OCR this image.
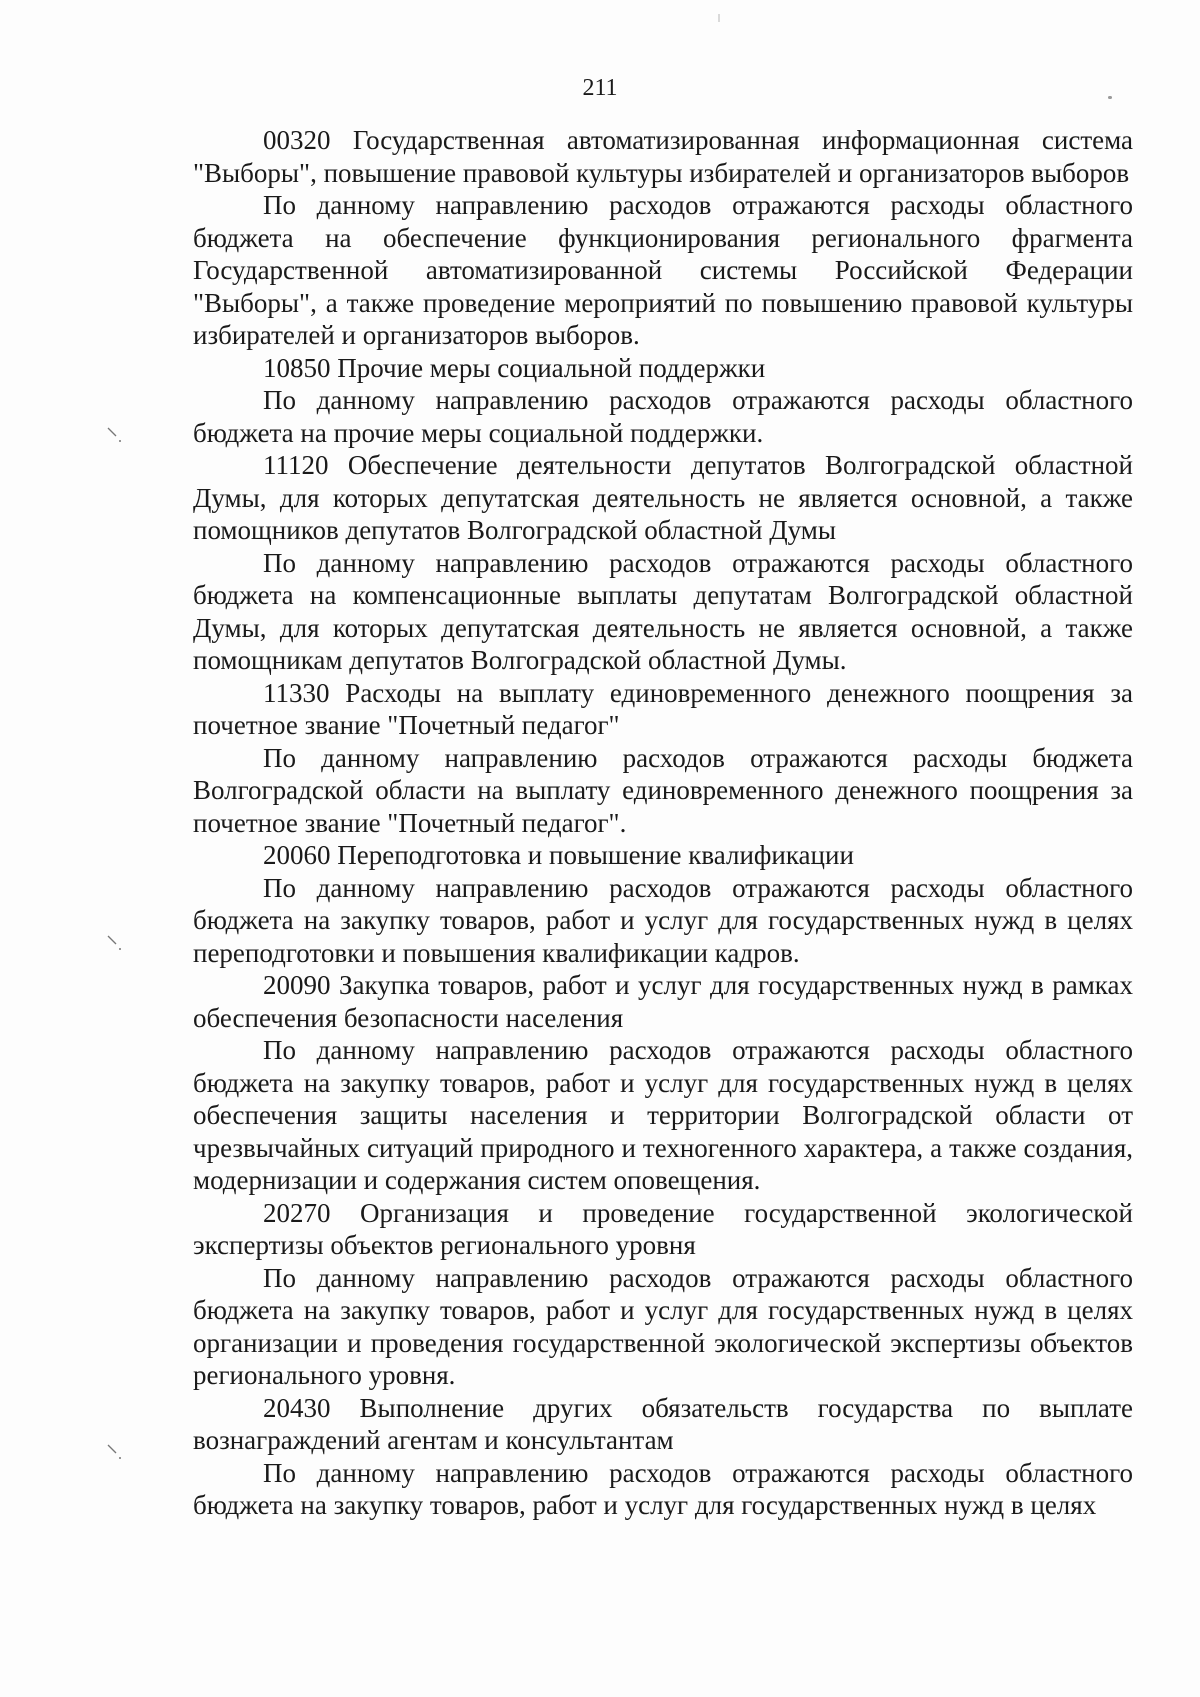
211

00320 Государственная автоматизированная информационная система "Выборы", повышение правовой культуры избирателей и организаторов выборов

По данному направлению расходов отражаются расходы областного бюджета на обеспечение функционирования регионального фрагмента Государственной автоматизированной системы Российской Федерации "Выборы", а также проведение мероприятий по повышению правовой культуры избирателей и организаторов выборов.

10850 Прочие меры социальной поддержки

По данному направлению расходов отражаются расходы областного бюджета на прочие меры социальной поддержки.

11120 Обеспечение деятельности депутатов Волгоградской областной Думы, для которых депутатская деятельность не является основной, а также помощников депутатов Волгоградской областной Думы

По данному направлению расходов отражаются расходы областного бюджета на компенсационные выплаты депутатам Волгоградской областной Думы, для которых депутатская деятельность не является основной, а также помощникам депутатов Волгоградской областной Думы.

11330 Расходы на выплату единовременного денежного поощрения за почетное звание "Почетный педагог"

По данному направлению расходов отражаются расходы бюджета Волгоградской области на выплату единовременного денежного поощрения за почетное звание "Почетный педагог".

20060 Переподготовка и повышение квалификации

По данному направлению расходов отражаются расходы областного бюджета на закупку товаров, работ и услуг для государственных нужд в целях переподготовки и повышения квалификации кадров.

20090 Закупка товаров, работ и услуг для государственных нужд в рамках обеспечения безопасности населения

По данному направлению расходов отражаются расходы областного бюджета на закупку товаров, работ и услуг для государственных нужд в целях обеспечения защиты населения и территории Волгоградской области от чрезвычайных ситуаций природного и техногенного характера, а также создания, модернизации и содержания систем оповещения.

20270 Организация и проведение государственной экологической экспертизы объектов регионального уровня

По данному направлению расходов отражаются расходы областного бюджета на закупку товаров, работ и услуг для государственных нужд в целях организации и проведения государственной экологической экспертизы объектов регионального уровня.

20430 Выполнение других обязательств государства по выплате вознаграждений агентам и консультантам

По данному направлению расходов отражаются расходы областного бюджета на закупку товаров, работ и услуг для государственных нужд в целях
